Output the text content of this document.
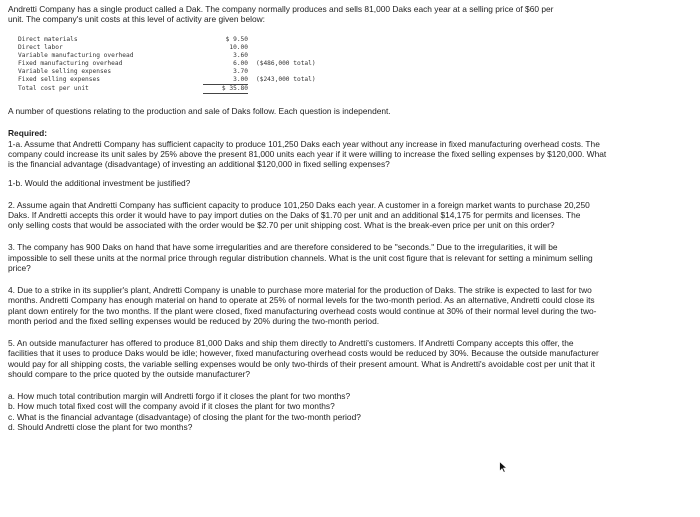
Andretti Company has a single product called a Dak. The company normally produces and sells 81,000 Daks each year at a selling price of $60 per unit. The company's unit costs at this level of activity are given below:

Direct materials	$ 9.50
Direct labor	10.00
Variable manufacturing overhead	3.60
Fixed manufacturing overhead	6.00 ($486,000 total)
Variable selling expenses	3.70
Fixed selling expenses	3.00 ($243,000 total)
Total cost per unit	$ 35.80

A number of questions relating to the production and sale of Daks follow. Each question is independent.

Required:

1-a. Assume that Andretti Company has sufficient capacity to produce 101,250 Daks each year without any increase in fixed manufacturing overhead costs. The company could increase its unit sales by 25% above the present 81,000 units each year if it were willing to increase the fixed selling expenses by $120,000. What is the financial advantage (disadvantage) of investing an additional $120,000 in fixed selling expenses?

1-b. Would the additional investment be justified?

2. Assume again that Andretti Company has sufficient capacity to produce 101,250 Daks each year. A customer in a foreign market wants to purchase 20,250 Daks. If Andretti accepts this order it would have to pay import duties on the Daks of $1.70 per unit and an additional $14,175 for permits and licenses. The only selling costs that would be associated with the order would be $2.70 per unit shipping cost. What is the break-even price per unit on this order?

3. The company has 900 Daks on hand that have some irregularities and are therefore considered to be "seconds." Due to the irregularities, it will be impossible to sell these units at the normal price through regular distribution channels. What is the unit cost figure that is relevant for setting a minimum selling price?

4. Due to a strike in its supplier's plant, Andretti Company is unable to purchase more material for the production of Daks. The strike is expected to last for two months. Andretti Company has enough material on hand to operate at 25% of normal levels for the two-month period. As an alternative, Andretti could close its plant down entirely for the two months. If the plant were closed, fixed manufacturing overhead costs would continue at 30% of their normal level during the two-month period and the fixed selling expenses would be reduced by 20% during the two-month period.

5. An outside manufacturer has offered to produce 81,000 Daks and ship them directly to Andretti's customers. If Andretti Company accepts this offer, the facilities that it uses to produce Daks would be idle; however, fixed manufacturing overhead costs would be reduced by 30%. Because the outside manufacturer would pay for all shipping costs, the variable selling expenses would be only two-thirds of their present amount. What is Andretti's avoidable cost per unit that it should compare to the price quoted by the outside manufacturer?

a. How much total contribution margin will Andretti forgo if it closes the plant for two months?

b. How much total fixed cost will the company avoid if it closes the plant for two months?

c. What is the financial advantage (disadvantage) of closing the plant for the two-month period?

d. Should Andretti close the plant for two months?
